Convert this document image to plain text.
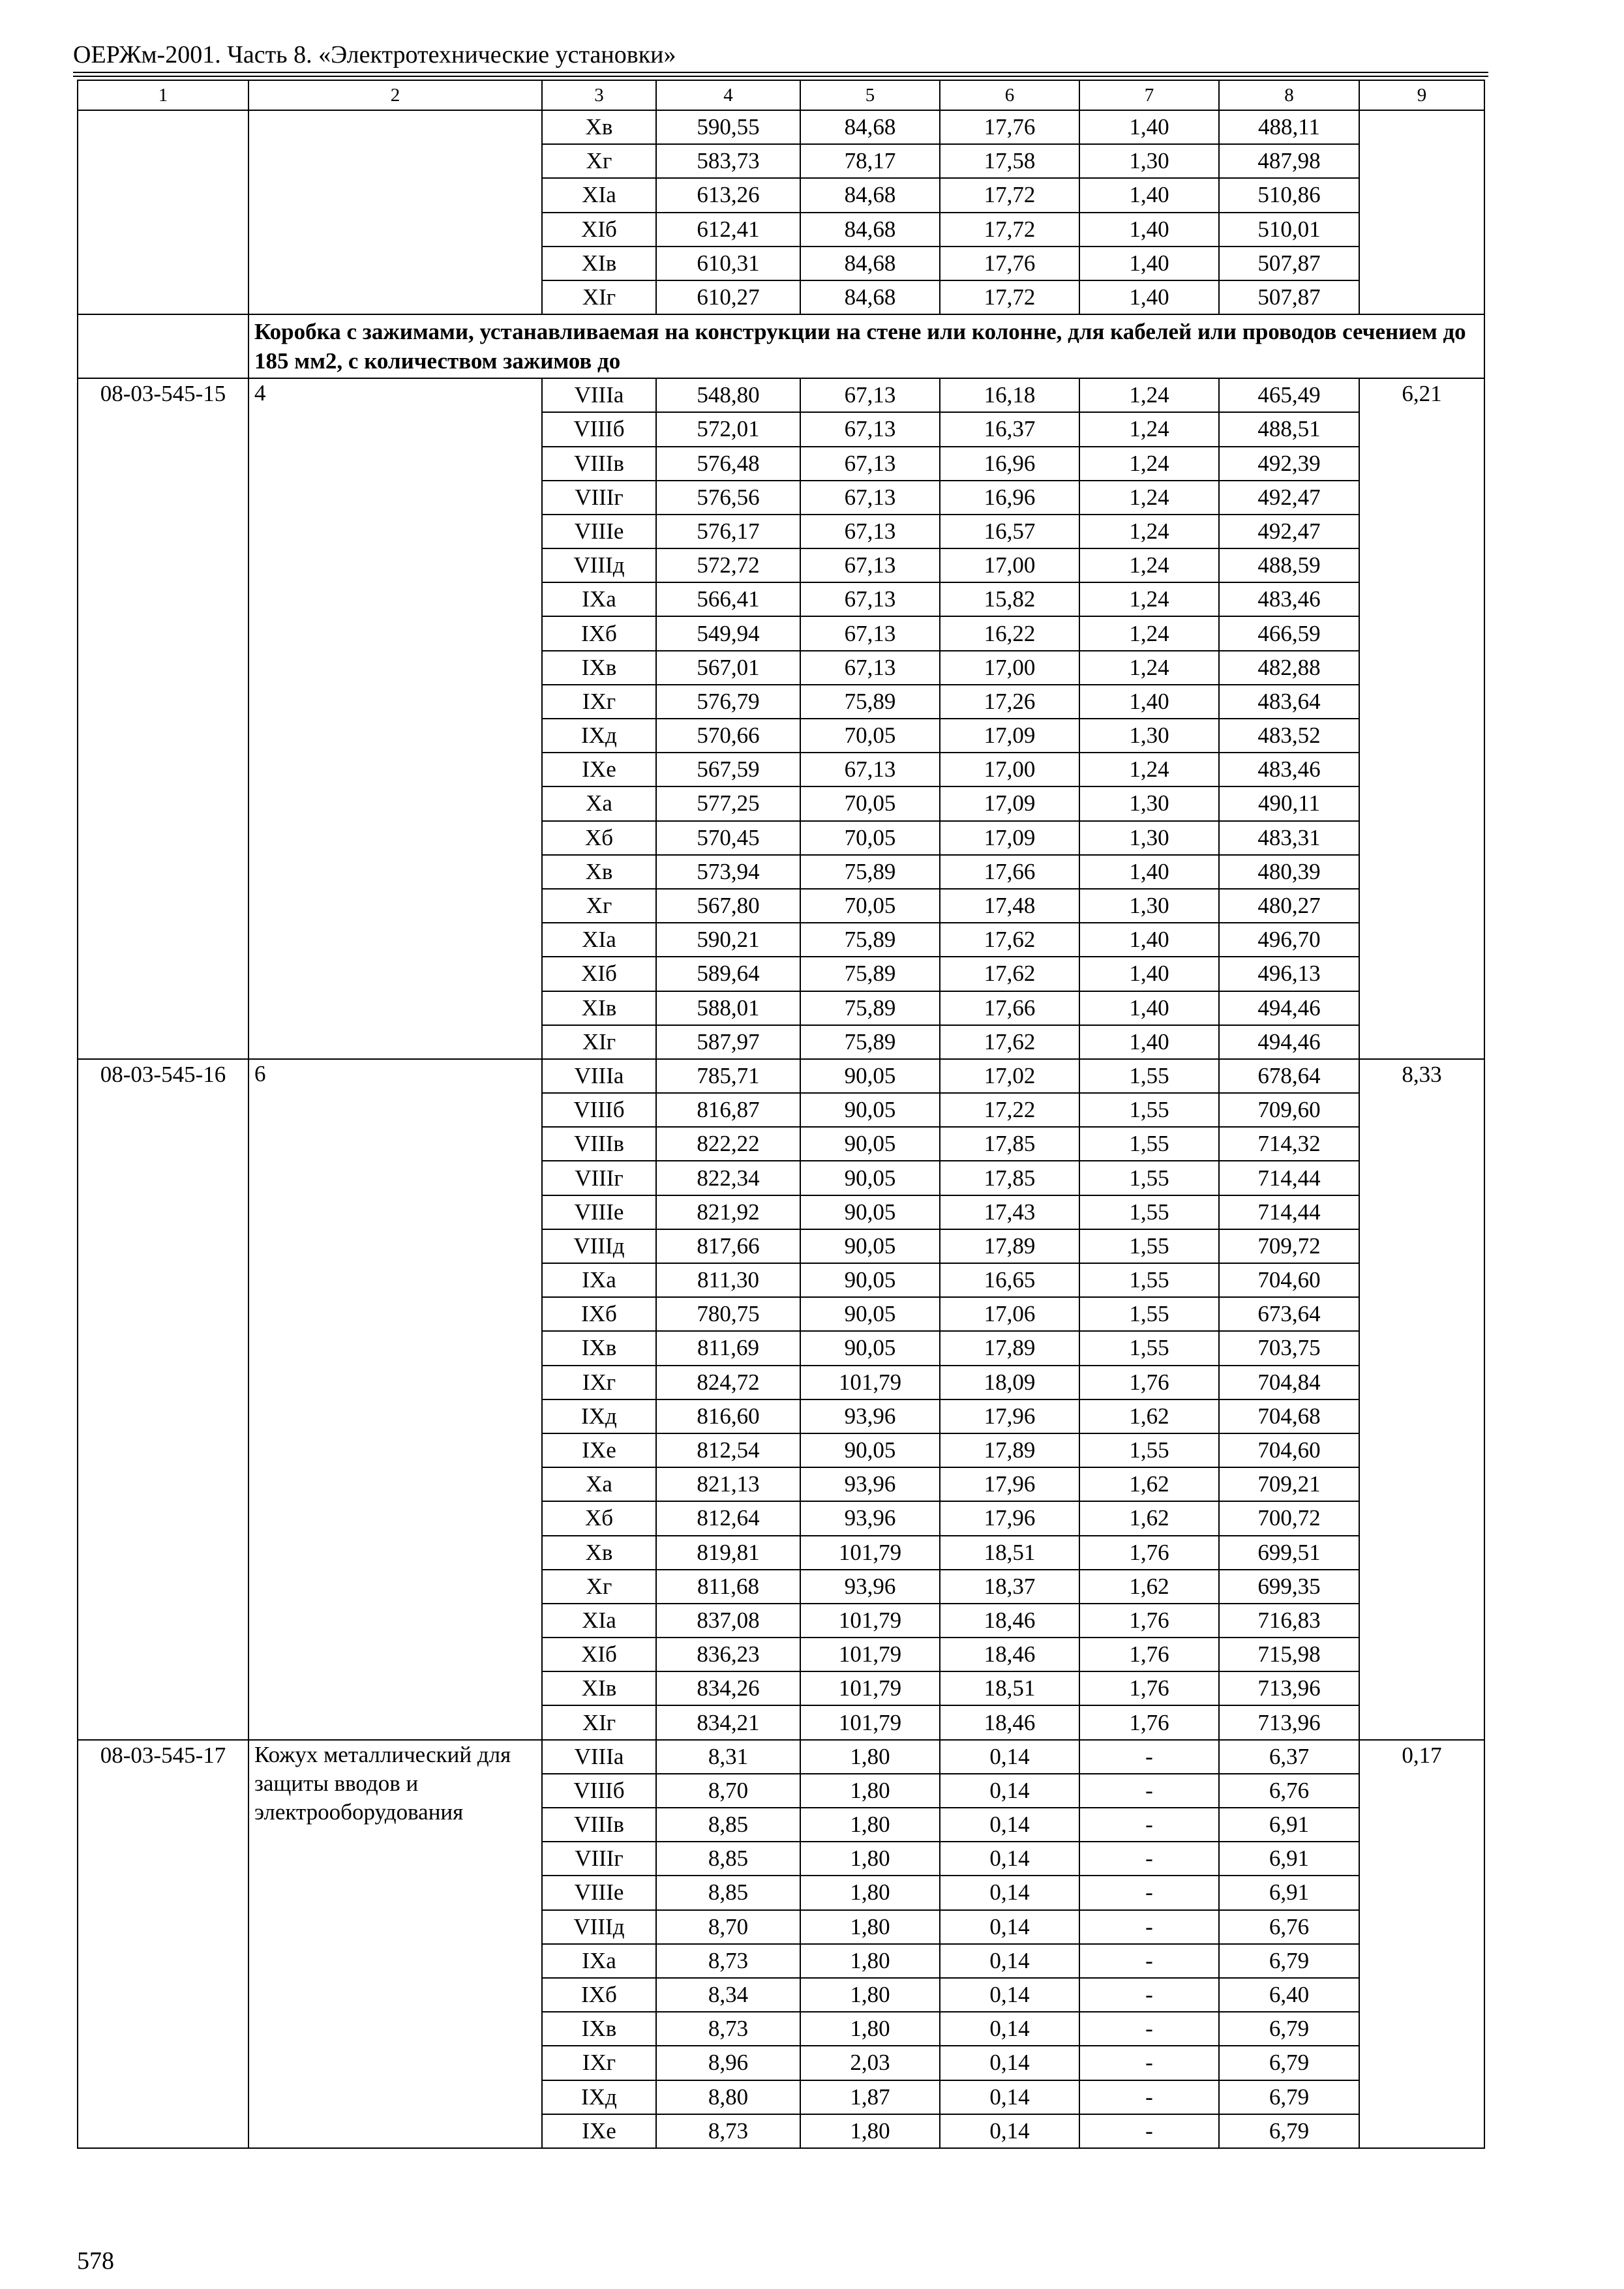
ОЕРЖм-2001. Часть 8. «Электротехнические установки»
1	2	3	4	5	6	7	8	9
		Xв	590,55	84,68	17,76	1,40	488,11	
		Xг	583,73	78,17	17,58	1,30	487,98	
		XIа	613,26	84,68	17,72	1,40	510,86	
		XIб	612,41	84,68	17,72	1,40	510,01	
		XIв	610,31	84,68	17,76	1,40	507,87	
		XIг	610,27	84,68	17,72	1,40	507,87	
	Коробка с зажимами, устанавливаемая на конструкции на стене или колонне, для кабелей или проводов сечением до 185 мм2, с количеством зажимов до							
08-03-545-15	4	VIIIа	548,80	67,13	16,18	1,24	465,49	6,21
		VIIIб	572,01	67,13	16,37	1,24	488,51	
		VIIIв	576,48	67,13	16,96	1,24	492,39	
		VIIIг	576,56	67,13	16,96	1,24	492,47	
		VIIIе	576,17	67,13	16,57	1,24	492,47	
		VIIIд	572,72	67,13	17,00	1,24	488,59	
		IXа	566,41	67,13	15,82	1,24	483,46	
		IXб	549,94	67,13	16,22	1,24	466,59	
		IXв	567,01	67,13	17,00	1,24	482,88	
		IXг	576,79	75,89	17,26	1,40	483,64	
		IXд	570,66	70,05	17,09	1,30	483,52	
		IXе	567,59	67,13	17,00	1,24	483,46	
		Xа	577,25	70,05	17,09	1,30	490,11	
		Xб	570,45	70,05	17,09	1,30	483,31	
		Xв	573,94	75,89	17,66	1,40	480,39	
		Xг	567,80	70,05	17,48	1,30	480,27	
		XIа	590,21	75,89	17,62	1,40	496,70	
		XIб	589,64	75,89	17,62	1,40	496,13	
		XIв	588,01	75,89	17,66	1,40	494,46	
		XIг	587,97	75,89	17,62	1,40	494,46	
08-03-545-16	6	VIIIа	785,71	90,05	17,02	1,55	678,64	8,33
		VIIIб	816,87	90,05	17,22	1,55	709,60	
		VIIIв	822,22	90,05	17,85	1,55	714,32	
		VIIIг	822,34	90,05	17,85	1,55	714,44	
		VIIIе	821,92	90,05	17,43	1,55	714,44	
		VIIIд	817,66	90,05	17,89	1,55	709,72	
		IXа	811,30	90,05	16,65	1,55	704,60	
		IXб	780,75	90,05	17,06	1,55	673,64	
		IXв	811,69	90,05	17,89	1,55	703,75	
		IXг	824,72	101,79	18,09	1,76	704,84	
		IXд	816,60	93,96	17,96	1,62	704,68	
		IXе	812,54	90,05	17,89	1,55	704,60	
		Xа	821,13	93,96	17,96	1,62	709,21	
		Xб	812,64	93,96	17,96	1,62	700,72	
		Xв	819,81	101,79	18,51	1,76	699,51	
		Xг	811,68	93,96	18,37	1,62	699,35	
		XIа	837,08	101,79	18,46	1,76	716,83	
		XIб	836,23	101,79	18,46	1,76	715,98	
		XIв	834,26	101,79	18,51	1,76	713,96	
		XIг	834,21	101,79	18,46	1,76	713,96	
08-03-545-17	Кожух металлический для защиты вводов и электрооборудования	VIIIа	8,31	1,80	0,14	-	6,37	0,17
		VIIIб	8,70	1,80	0,14	-	6,76	
		VIIIв	8,85	1,80	0,14	-	6,91	
		VIIIг	8,85	1,80	0,14	-	6,91	
		VIIIе	8,85	1,80	0,14	-	6,91	
		VIIIд	8,70	1,80	0,14	-	6,76	
		IXа	8,73	1,80	0,14	-	6,79	
		IXб	8,34	1,80	0,14	-	6,40	
		IXв	8,73	1,80	0,14	-	6,79	
		IXг	8,96	2,03	0,14	-	6,79	
		IXд	8,80	1,87	0,14	-	6,79	
		IXе	8,73	1,80	0,14	-	6,79	
578
